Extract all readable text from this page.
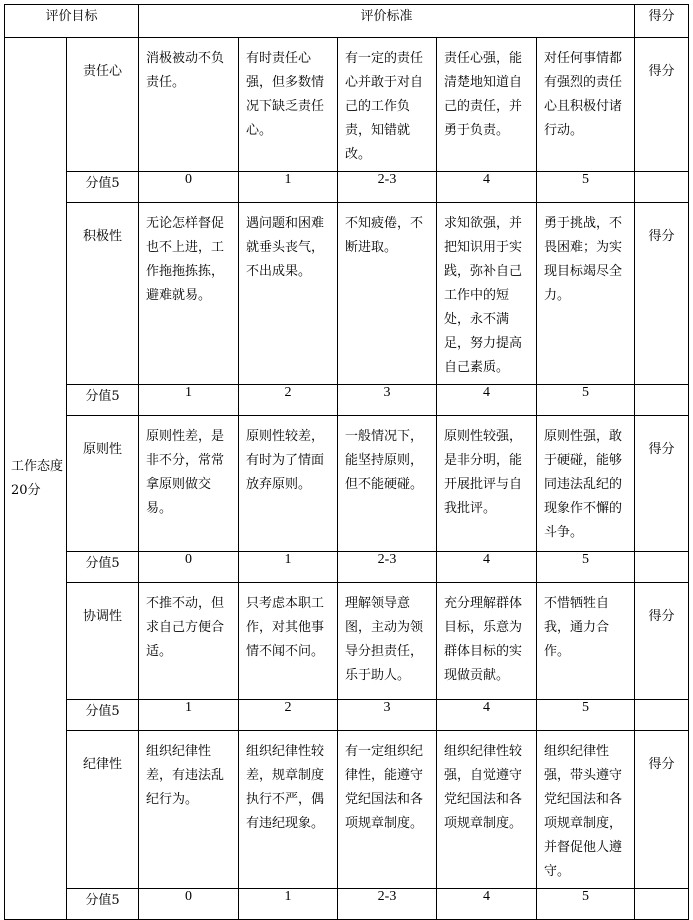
评价目标		评价标准					得分
工作态度20分	责任心	消极被动不负责任。	有时责任心强，但多数情况下缺乏责任心。	有一定的责任心并敢于对自己的工作负责，知错就改。	责任心强，能清楚地知道自己的责任，并勇于负责。	对任何事情都有强烈的责任心且积极付诸行动。	得分
	分值5	0	1	2-3	4	5	
	积极性	无论怎样督促也不上进，工作拖拖拣拣，避难就易。	遇问题和困难就垂头丧气，不出成果。	不知疲倦，不断进取。	求知欲强，并把知识用于实践，弥补自己工作中的短处，永不满足，努力提高自己素质。	勇于挑战，不畏困难；为实现目标竭尽全力。	得分
	分值5	1	2	3	4	5	
	原则性	原则性差，是非不分，常常拿原则做交易。	原则性较差，有时为了情面放弃原则。	一般情况下，能坚持原则，但不能硬碰。	原则性较强，是非分明，能开展批评与自我批评。	原则性强，敢于硬碰，能够同违法乱纪的现象作不懈的斗争。	得分
	分值5	0	1	2-3	4	5	
	协调性	不推不动，但求自己方便合适。	只考虑本职工作，对其他事情不闻不问。	理解领导意图，主动为领导分担责任，乐于助人。	充分理解群体目标，乐意为群体目标的实现做贡献。	不惜牺牲自我，通力合作。	得分
	分值5	1	2	3	4	5	
	纪律性	组织纪律性差，有违法乱纪行为。	组织纪律性较差，规章制度执行不严，偶有违纪现象。	有一定组织纪律性，能遵守党纪国法和各项规章制度。	组织纪律性较强，自觉遵守党纪国法和各项规章制度。	组织纪律性强，带头遵守党纪国法和各项规章制度，并督促他人遵守。	得分
	分值5	0	1	2-3	4	5	
